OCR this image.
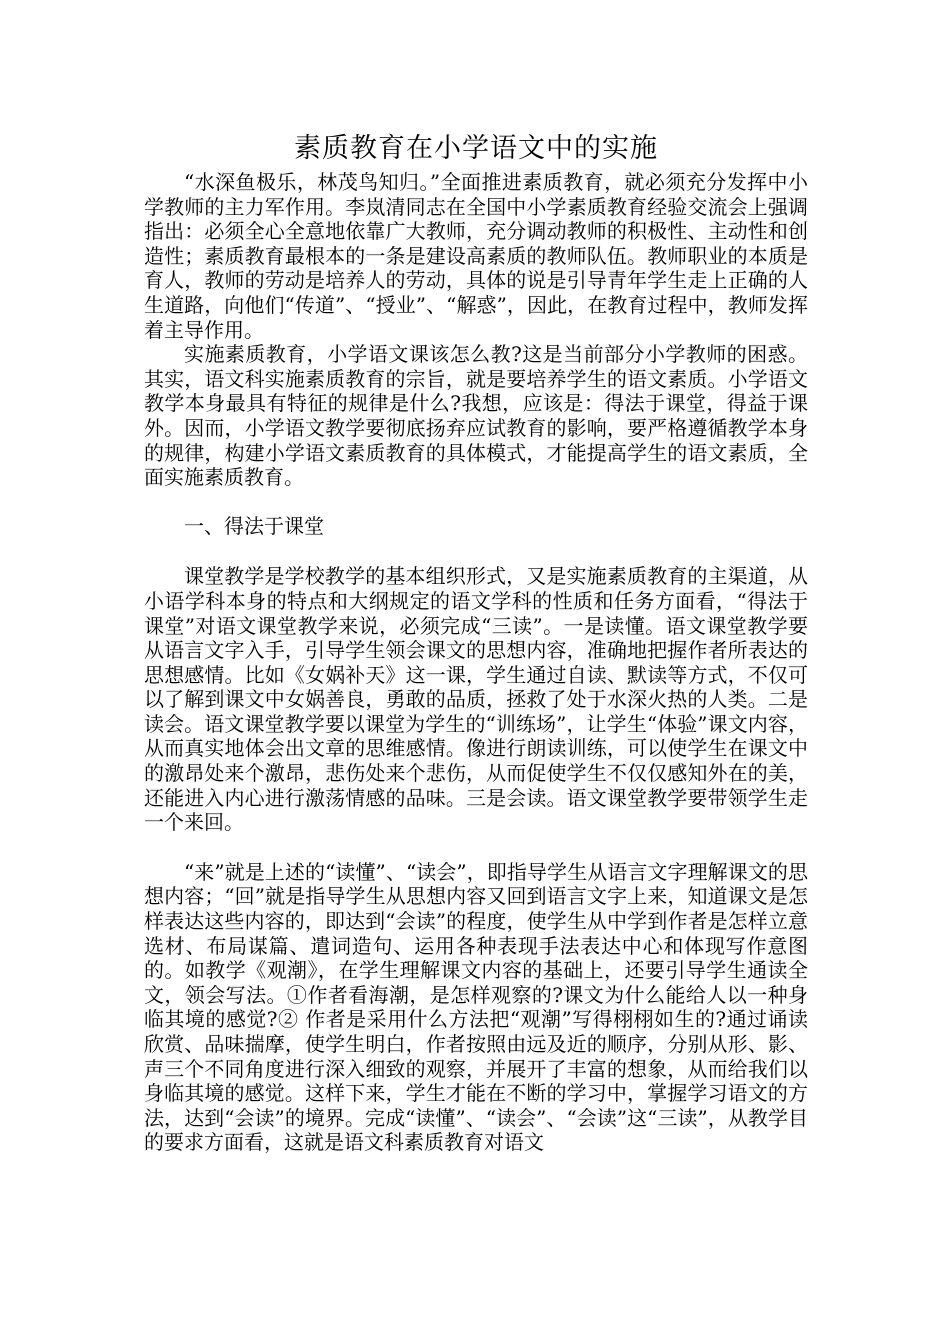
素质教育在小学语文中的实施

“水深鱼极乐，林茂鸟知归。”全面推进素质教育，就必须充分发挥中小学教师的主力军作用。李岚清同志在全国中小学素质教育经验交流会上强调指出：必须全心全意地依靠广大教师，充分调动教师的积极性、主动性和创造性；素质教育最根本的一条是建设高素质的教师队伍。教师职业的本质是育人，教师的劳动是培养人的劳动，具体的说是引导青年学生走上正确的人生道路，向他们“传道”、“授业”、“解惑”，因此，在教育过程中，教师发挥着主导作用。

实施素质教育，小学语文课该怎么教?这是当前部分小学教师的困惑。其实，语文科实施素质教育的宗旨，就是要培养学生的语文素质。小学语文教学本身最具有特征的规律是什么?我想，应该是：得法于课堂，得益于课外。因而，小学语文教学要彻底扬弃应试教育的影响，要严格遵循教学本身的规律，构建小学语文素质教育的具体模式，才能提高学生的语文素质，全面实施素质教育。

一、得法于课堂

课堂教学是学校教学的基本组织形式，又是实施素质教育的主渠道，从小语学科本身的特点和大纲规定的语文学科的性质和任务方面看，“得法于课堂”对语文课堂教学来说，必须完成“三读”。一是读懂。语文课堂教学要从语言文字入手，引导学生领会课文的思想内容，准确地把握作者所表达的思想感情。比如《女娲补天》这一课，学生通过自读、默读等方式，不仅可以了解到课文中女娲善良，勇敢的品质，拯救了处于水深火热的人类。二是读会。语文课堂教学要以课堂为学生的“训练场”，让学生“体验”课文内容，从而真实地体会出文章的思维感情。像进行朗读训练，可以使学生在课文中的激昂处来个激昂，悲伤处来个悲伤，从而促使学生不仅仅感知外在的美，还能进入内心进行激荡情感的品味。三是会读。语文课堂教学要带领学生走一个来回。

“来”就是上述的“读懂”、“读会”，即指导学生从语言文字理解课文的思想内容；“回”就是指导学生从思想内容又回到语言文字上来，知道课文是怎样表达这些内容的，即达到“会读”的程度，使学生从中学到作者是怎样立意选材、布局谋篇、遣词造句、运用各种表现手法表达中心和体现写作意图的。如教学《观潮》，在学生理解课文内容的基础上，还要引导学生通读全文，领会写法。①作者看海潮，是怎样观察的?课文为什么能给人以一种身临其境的感觉?② 作者是采用什么方法把“观潮”写得栩栩如生的?通过诵读欣赏、品味揣摩，使学生明白，作者按照由远及近的顺序，分别从形、影、声三个不同角度进行深入细致的观察，并展开了丰富的想象，从而给我们以身临其境的感觉。这样下来，学生才能在不断的学习中，掌握学习语文的方法，达到“会读”的境界。完成“读懂”、“读会”、“会读”这“三读”，从教学目的要求方面看，这就是语文科素质教育对语文
